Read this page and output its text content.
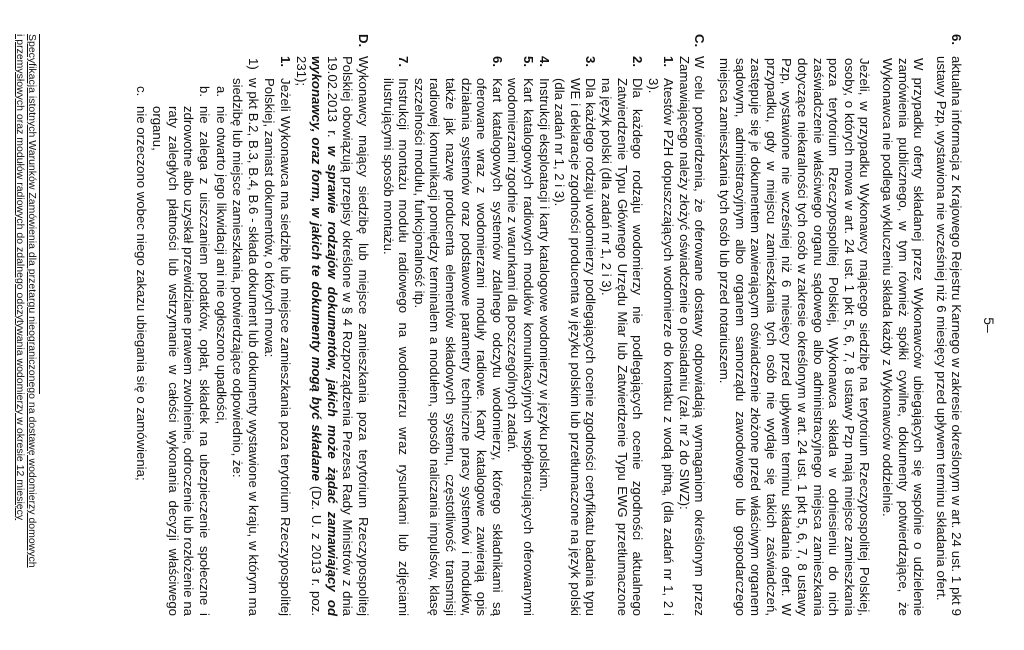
5–
6.
aktualna informacja z Krajowego Rejestru Karnego w zakresie określonym w art. 24 ust. 1 pkt 9 ustawy Pzp, wystawiona nie wcześniej niż 6 miesięcy przed upływem terminu składania ofert.

W przypadku oferty składanej przez Wykonawców ubiegających się wspólnie o udzielenie zamówienia publicznego, w tym również spółki cywilne, dokumenty potwierdzające, że Wykonawca nie podlega wykluczeniu składa każdy z Wykonawców oddzielnie.

Jeżeli, w przypadku Wykonawcy mającego siedzibę na terytorium Rzeczypospolitej Polskiej, osoby, o których mowa w art. 24 ust. 1 pkt 5, 6, 7, 8 ustawy Pzp mają miejsce zamieszkania poza terytorium Rzeczypospolitej Polskiej, Wykonawca składa w odniesieniu do nich zaświadczenie właściwego organu sądowego albo administracyjnego miejsca zamieszkania dotyczące niekaralności tych osób w zakresie określonym w art. 24 ust. 1 pkt 5, 6, 7, 8 ustawy Pzp, wystawione nie wcześniej niż 6 miesięcy przed upływem terminu składania ofert. W przypadku, gdy w miejscu zamieszkania tych osób nie wydaje się takich zaświadczeń, zastępuje się je dokumentem zawierającym oświadczenie złożone przed właściwym organem sądowym, administracyjnym albo organem samorządu zawodowego lub gospodarczego miejsca zamieszkania tych osób lub przed notariuszem.

C.
W celu potwierdzenia, że oferowane dostawy odpowiadają wymaganiom określonym przez Zamawiającego należy złożyć oświadczenie o posiadaniu (zał. nr 2 do SIWZ):
1.
Atestów PZH dopuszczających wodomierze do kontaktu z wodą pitną, (dla zadań nr 1, 2 i 3).
2.
Dla każdego rodzaju wodomierzy nie podlegających ocenie zgodności aktualnego Zatwierdzenie Typu Głównego Urzędu Miar lub Zatwierdzenie Typu EWG przetłumaczone na język polski (dla zadań nr 1, 2 i 3).
3.
Dla każdego rodzaju wodomierzy podlegających ocenie zgodności certyfikatu badania typu WE i deklaracje zgodności producenta w języku polskim lub przetłumaczone na język polski (dla zadań nr 1, 2 i 3).
4.
Instrukcji eksploatacji i karty katalogowe wodomierzy w języku polskim.
5.
Kart katalogowych radiowych modułów komunikacyjnych współpracujących oferowanymi wodomierzami zgodnie z warunkami dla poszczególnych zadań.
6.
Kart katalogowych systemów zdalnego odczytu wodomierzy, którego składnikami są oferowane wraz z wodomierzami moduły radiowe. Karty katalogowe zawierają opis działania systemów oraz podstawowe parametry techniczne pracy systemów i modułów, także jak nazwę producenta elementów składowych systemu, częstotliwość transmisji radiowej komunikacji pomiędzy terminalem a modułem, sposób naliczania impulsów, klasę szczelności modułu, funkcjonalność itp.
7.
Instrukcji montażu modułu radiowego na wodomierzu wraz rysunkami lub zdjęciami ilustrującymi sposób montażu.
D.
Wykonawcy mający siedzibę lub miejsce zamieszkania poza terytorium Rzeczypospolitej Polskiej obowiązują przepisy określone w § 4 Rozporządzenia Prezesa Rady Ministrów z dnia 19.02.2013 r. w sprawie rodzajów dokumentów, jakich może żądać zamawiający od wykonawcy, oraz form, w jakich te dokumenty mogą być składane (Dz. U. z 2013 r. poz. 231);
1.
Jeżeli Wykonawca ma siedzibę lub miejsce zamieszkania poza terytorium Rzeczypospolitej Polskiej, zamiast dokumentów, o których mowa:
1)
w pkt B.2, B.3, B.4, B.6 - składa dokument lub dokumenty wystawione w kraju, w którym ma siedzibę lub miejsce zamieszkania, potwierdzające odpowiednio, że:
a.
nie otwarto jego likwidacji ani nie ogłoszono upadłości,
b.
nie zalega z uiszczaniem podatków, opłat, składek na ubezpieczenie społeczne i zdrowotne albo uzyskał przewidziane prawem zwolnienie, odroczenie lub rozłożenie na raty zaległych płatności lub wstrzymanie w całości wykonania decyzji właściwego organu,
c.
nie orzeczono wobec niego zakazu ubiegania się o zamówienia;
Specyfikacja istotnych Warunków Zamówienia dla przetargu nieograniczonego na dostawę wodomierzy domowych
i przemysłowych oraz modułów radiowych do zdalnego odczytywania wodomierzy w okresie 12 miesięcy
